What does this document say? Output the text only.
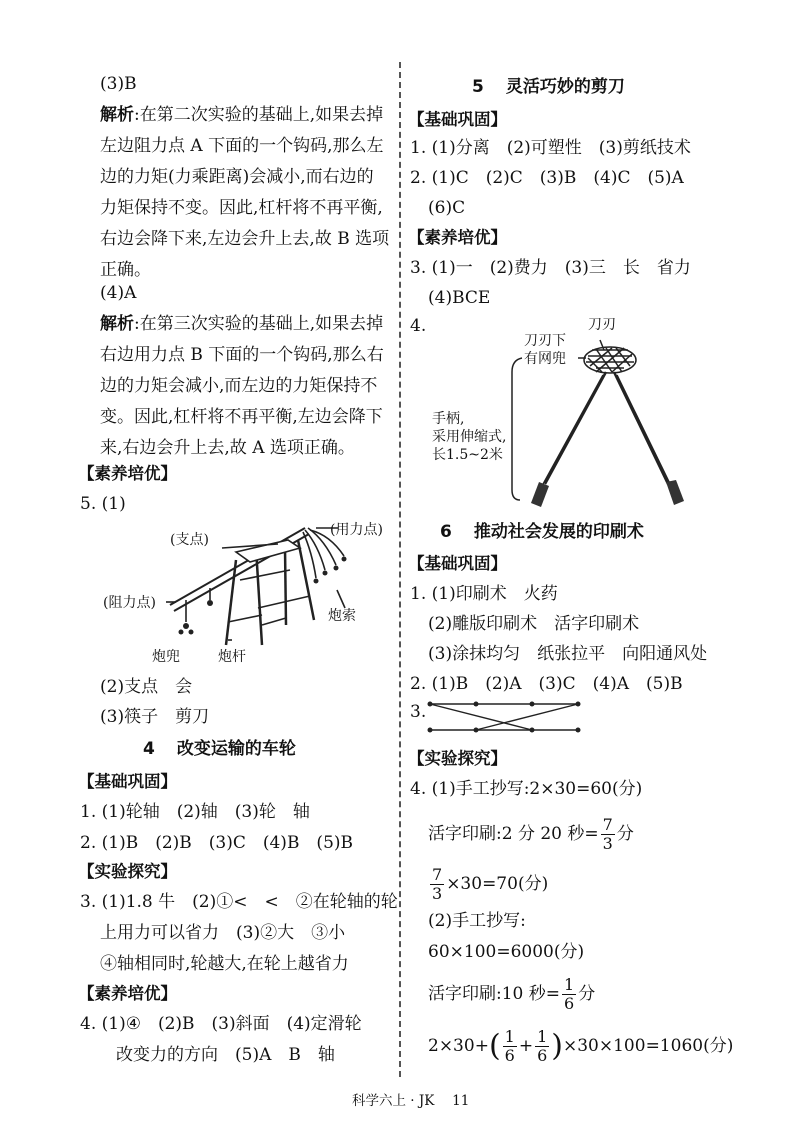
(3)B
解析:在第二次实验的基础上,如果去掉
左边阻力点 A 下面的一个钩码,那么左
边的力矩(力乘距离)会减小,而右边的
力矩保持不变。因此,杠杆将不再平衡,
右边会降下来,左边会升上去,故 B 选项
正确。
(4)A
解析:在第三次实验的基础上,如果去掉
右边用力点 B 下面的一个钩码,那么右
边的力矩会减小,而左边的力矩保持不
变。因此,杠杆将不再平衡,左边会降下
来,右边会升上去,故 A 选项正确。
【素养培优】
5. (1)
(支点)
(用力点)
(阻力点)
炮索
炮兜	炮杆
(2)支点　会
(3)筷子　剪刀
4 改变运输的车轮
【基础巩固】
1. (1)轮轴　(2)轴　(3)轮　轴
2. (1)B　(2)B　(3)C　(4)B　(5)B
【实验探究】
3. (1)1.8 牛　(2)①<　<　②在轮轴的轮
上用力可以省力　(3)②大　③小
④轴相同时,轮越大,在轮上越省力
【素养培优】
4. (1)④　(2)B　(3)斜面　(4)定滑轮
改变力的方向　(5)A　B　轴
5 灵活巧妙的剪刀
【基础巩固】
1. (1)分离　(2)可塑性　(3)剪纸技术
2. (1)C　(2)C　(3)B　(4)C　(5)A
(6)C
【素养培优】
3. (1)一　(2)费力　(3)三　长　省力
(4)BCE
4.	刀刃
刀刃下
有网兜
手柄,
采用伸缩式,
长1.5~2米
6 推动社会发展的印刷术
【基础巩固】
1. (1)印刷术　火药
(2)雕版印刷术　活字印刷术
(3)涂抹均匀　纸张拉平　向阳通风处
2. (1)B　(2)A　(3)C　(4)A　(5)B
3.
【实验探究】
4. (1)手工抄写:2×30=60(分)
活字印刷:2 分 20 秒= $\frac{7}{3}$ 分
$\frac{7}{3} \times 30=70$(分)
(2)手工抄写:
60×100=6000(分)
活字印刷:10 秒= $\frac{1}{6}$ 分
$2\times 30+( \frac{1}{6} + \frac{1}{6} )\times 30\times 100=1060$(分)
科学六上 · JK　 11
